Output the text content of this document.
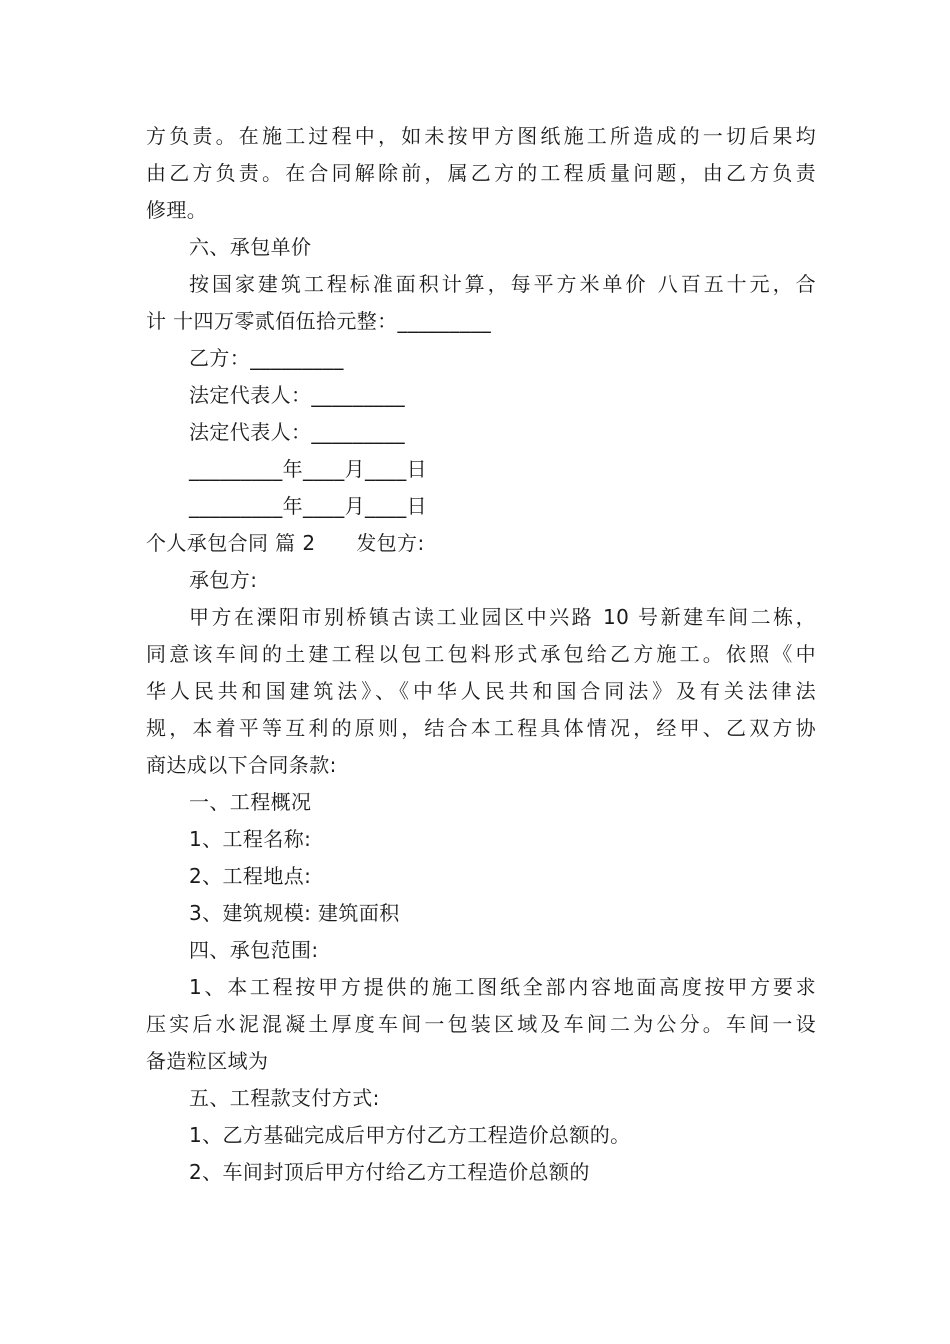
方负责。在施工过程中，如未按甲方图纸施工所造成的一切后果均
由乙方负责。在合同解除前，属乙方的工程质量问题，由乙方负责
修理。
六、承包单价
按国家建筑工程标准面积计算，每平方米单价 八百五十元，合
计 十四万零贰佰伍拾元整：_________
乙方：_________
法定代表人：_________
法定代表人：_________
_________年____月____日
_________年____月____日
个人承包合同 篇 2　　发包方:
承包方:
甲方在溧阳市别桥镇古读工业园区中兴路 10 号新建车间二栋，
同意该车间的土建工程以包工包料形式承包给乙方施工。依照《中
华人民共和国建筑法》、《中华人民共和国合同法》及有关法律法
规，本着平等互利的原则，结合本工程具体情况，经甲、乙双方协
商达成以下合同条款:
一、工程概况
1、工程名称:
2、工程地点:
3、建筑规模: 建筑面积
四、承包范围:
1、本工程按甲方提供的施工图纸全部内容地面高度按甲方要求
压实后水泥混凝土厚度车间一包装区域及车间二为公分。车间一设
备造粒区域为
五、工程款支付方式:
1、乙方基础完成后甲方付乙方工程造价总额的。
2、车间封顶后甲方付给乙方工程造价总额的
